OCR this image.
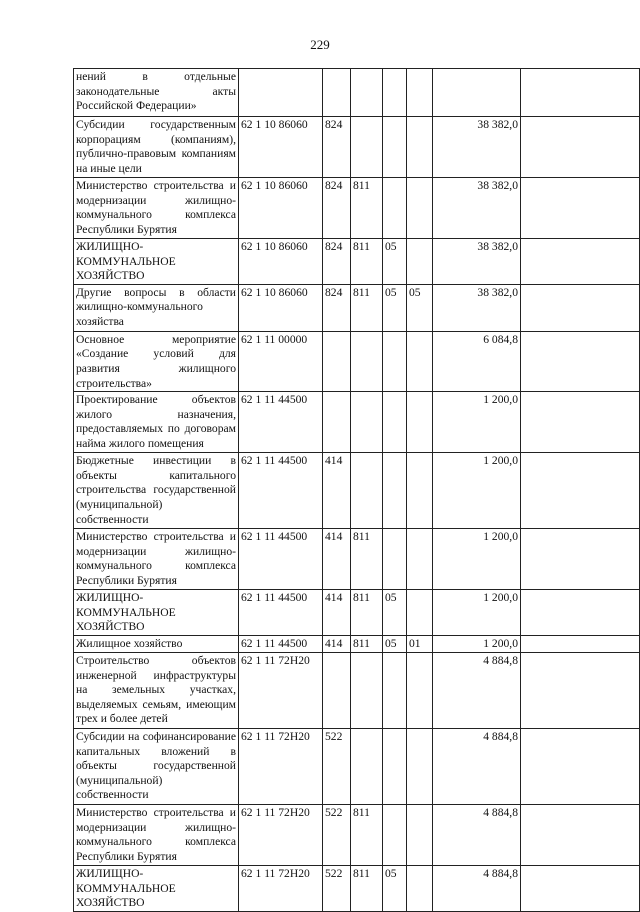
229
нений в отдельные законодательные акты Российской Федерации»							
Субсидии государственным корпорациям (компаниям), публично-правовым компаниям на иные цели	62 1 10 86060	824				38 382,0	
Министерство строительства и модернизации жилищно-коммунального комплекса Республики Бурятия	62 1 10 86060	824	811			38 382,0	
ЖИЛИЩНО-КОММУНАЛЬНОЕ ХОЗЯЙСТВО	62 1 10 86060	824	811	05		38 382,0	
Другие вопросы в области жилищно-коммунального хозяйства	62 1 10 86060	824	811	05	05	38 382,0	
Основное мероприятие «Создание условий для развития жилищного строительства»	62 1 11 00000					6 084,8	
Проектирование объектов жилого назначения, предоставляемых по договорам найма жилого помещения	62 1 11 44500					1 200,0	
Бюджетные инвестиции в объекты капитального строительства государственной (муниципальной) собственности	62 1 11 44500	414				1 200,0	
Министерство строительства и модернизации жилищно-коммунального комплекса Республики Бурятия	62 1 11 44500	414	811			1 200,0	
ЖИЛИЩНО-КОММУНАЛЬНОЕ ХОЗЯЙСТВО	62 1 11 44500	414	811	05		1 200,0	
Жилищное хозяйство	62 1 11 44500	414	811	05	01	1 200,0	
Строительство объектов инженерной инфраструктуры на земельных участках, выделяемых семьям, имеющим трех и более детей	62 1 11 72Н20					4 884,8	
Субсидии на софинансирование капитальных вложений в объекты государственной (муниципальной) собственности	62 1 11 72Н20	522				4 884,8	
Министерство строительства и модернизации жилищно-коммунального комплекса Республики Бурятия	62 1 11 72Н20	522	811			4 884,8	
ЖИЛИЩНО-КОММУНАЛЬНОЕ ХОЗЯЙСТВО	62 1 11 72Н20	522	811	05		4 884,8	
